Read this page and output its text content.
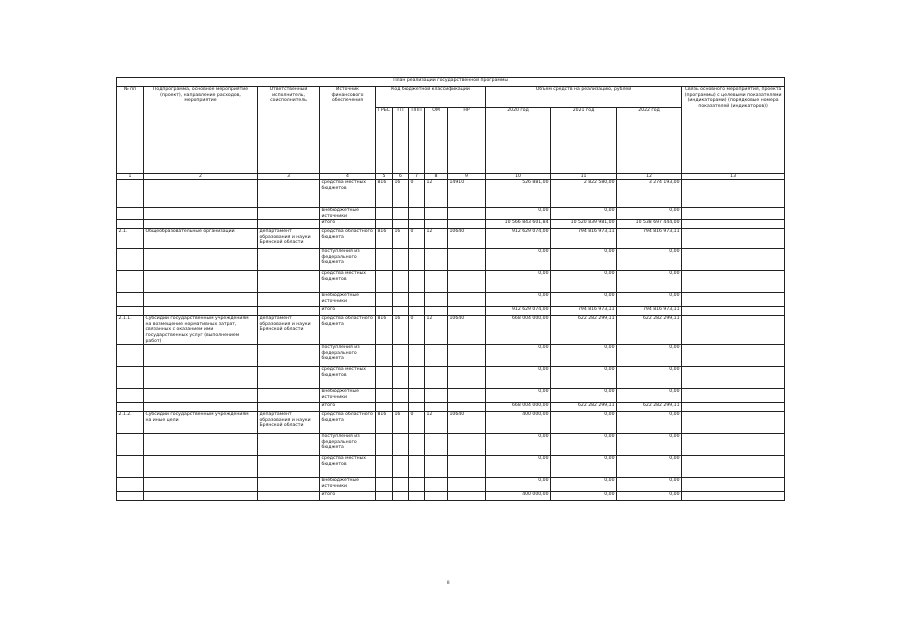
План реализации государственной программы												
№ пп	Подпрограмма, основное мероприятие (проект), направление расходов, мероприятие	Ответственный исполнитель, соисполнитель	Источник финансового обеспечения	Код бюджетной классификации					Объём средств на реализацию, рублей			Связь основного мероприятия, проекта (программы) с целевыми показателями (индикаторами) (порядковые номера показателей (индикаторов))
				ГРБС	ГП	ППП	ОМ	НР	2020 год	2021 год	2022 год	
1	2	3	4	5	6	7	8	9	10	11	12	13
			средства местных бюджетов	816	16	0	12	14910	526 881,00	2 822 580,00	3 274 193,00	
			внебюджетные источники						0,00	0,00	0,00	
			итого						10 566 843 601,84	10 520 839 981,00	10 538 697 444,00	
2.1.	Общеобразовательные организации	департамент образования и науки Брянской области	средства областного бюджета	816	16	0	12	10640	912 629 074,00	794 816 973,11	794 816 973,11	
			поступления из федерального бюджета						0,00	0,00	0,00	
			средства местных бюджетов						0,00	0,00	0,00	
			внебюджетные источники						0,00	0,00	0,00	
			итого						912 629 074,00	794 816 973,11	794 816 973,11	
2.1.1.	Субсидии государственным учреждениям на возмещение нормативных затрат, связанных с оказанием ими государственных услуг (выполнением работ)	департамент образования и науки Брянской области	средства областного бюджета	816	16	0	12	10640	668 004 000,00	622 282 299,11	622 282 299,11	
			поступления из федерального бюджета						0,00	0,00	0,00	
			средства местных бюджетов						0,00	0,00	0,00	
			внебюджетные источники						0,00	0,00	0,00	
			итого						668 004 000,00	622 282 299,11	622 282 299,11	
2.1.2.	Субсидии государственным учреждениям на иные цели	департамент образования и науки Брянской области	средства областного бюджета	816	16	0	12	10640	400 000,00	0,00	0,00	
			поступления из федерального бюджета						0,00	0,00	0,00	
			средства местных бюджетов						0,00	0,00	0,00	
			внебюджетные источники						0,00	0,00	0,00	
			итого						400 000,00	0,00	0,00	
8
